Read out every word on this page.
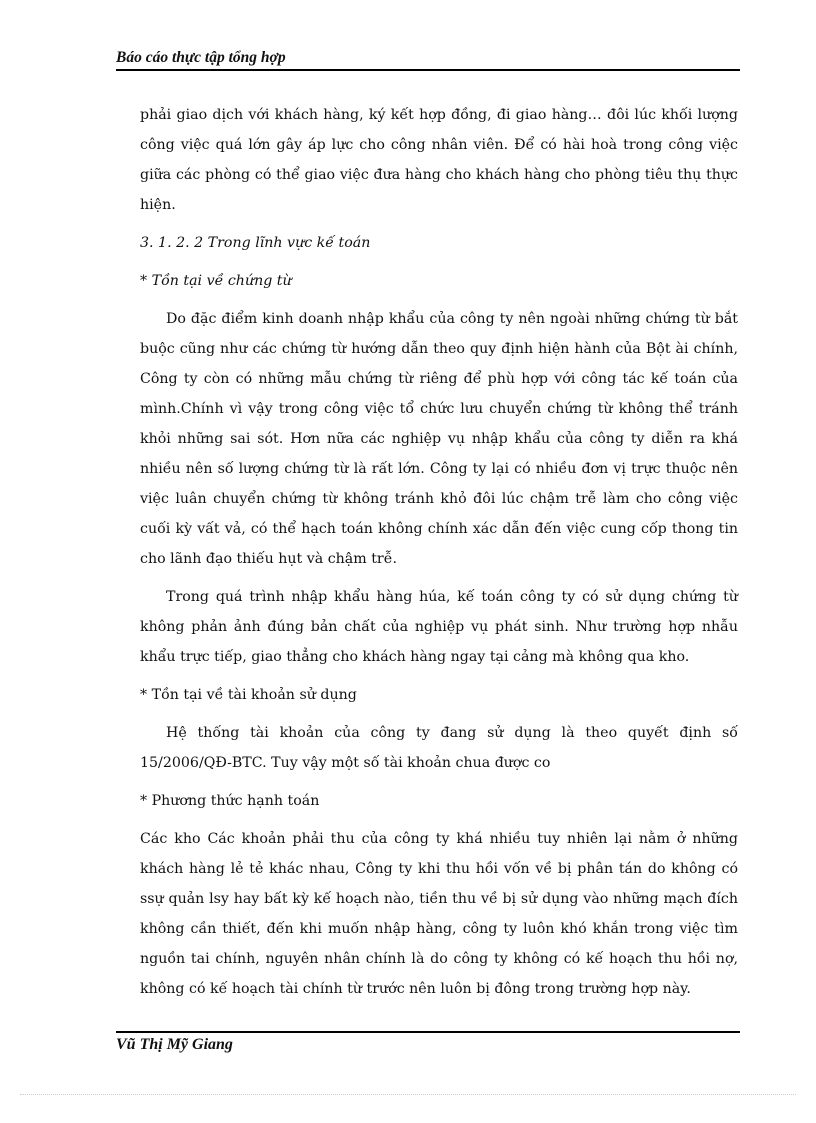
Báo cáo thực tập tổng hợp

phải giao dịch với khách hàng, ký kết hợp đồng, đi giao hàng… đôi lúc khối lượng công việc quá lớn gây áp lực cho công nhân viên. Để có hài hoà trong công việc giữa các phòng có thể giao việc đưa hàng cho khách hàng cho phòng tiêu thụ thực hiện.

3. 1. 2. 2 Trong lĩnh vực kế toán

* Tồn tại về chứng từ

Do đặc điểm kinh doanh nhập khẩu của công ty nên ngoài những chứng từ bắt buộc cũng như các chứng từ hướng dẫn theo quy định hiện hành của Bột ài chính, Công ty còn có những mẫu chứng từ riêng để phù hợp với công tác kế toán của mình.Chính vì vậy trong công việc tổ chức lưu chuyển chứng từ không thể tránh khỏi những sai sót. Hơn nữa các nghiệp vụ nhập khẩu của công ty diễn ra khá nhiều nên số lượng chứng từ là rất lớn. Công ty lại có nhiều đơn vị trực thuộc nên việc luân chuyển chứng từ không tránh khỏ đôi lúc chậm trễ làm cho công việc cuối kỳ vất vả, có thể hạch toán không chính xác dẫn đến việc cung cốp thong tin cho lãnh đạo thiếu hụt và chậm trễ.

Trong quá trình nhập khẩu hàng húa, kế toán công ty có sử dụng chứng từ không phản ảnh đúng bản chất của nghiệp vụ phát sinh. Như trường hợp nhẫu khẩu trực tiếp, giao thẳng cho khách hàng ngay tại cảng mà không qua kho.

* Tồn tại về tài khoản sử dụng

Hệ thống tài khoản của công ty đang sử dụng là theo quyết định số 15/2006/QĐ-BTC. Tuy vậy một số tài khoản chua được co

* Phương thức hạnh toán

Các kho Các khoản phải thu của công ty khá nhiều tuy nhiên lại nằm ở những khách hàng lẻ tẻ khác nhau, Công ty khi thu hồi vốn về bị phân tán do không có ssự quản lsy hay bất kỳ kế hoạch nào, tiền thu về bị sử dụng vào những mạch đích không cần thiết, đến khi muốn nhập hàng, công ty luôn khó khắn trong việc tìm nguồn tai chính, nguyên nhân chính là do công ty không có kế hoạch thu hồi nợ, không có kế hoạch tài chính từ trước nên luôn bị đông trong trường hợp này.

Vũ Thị Mỹ Giang
